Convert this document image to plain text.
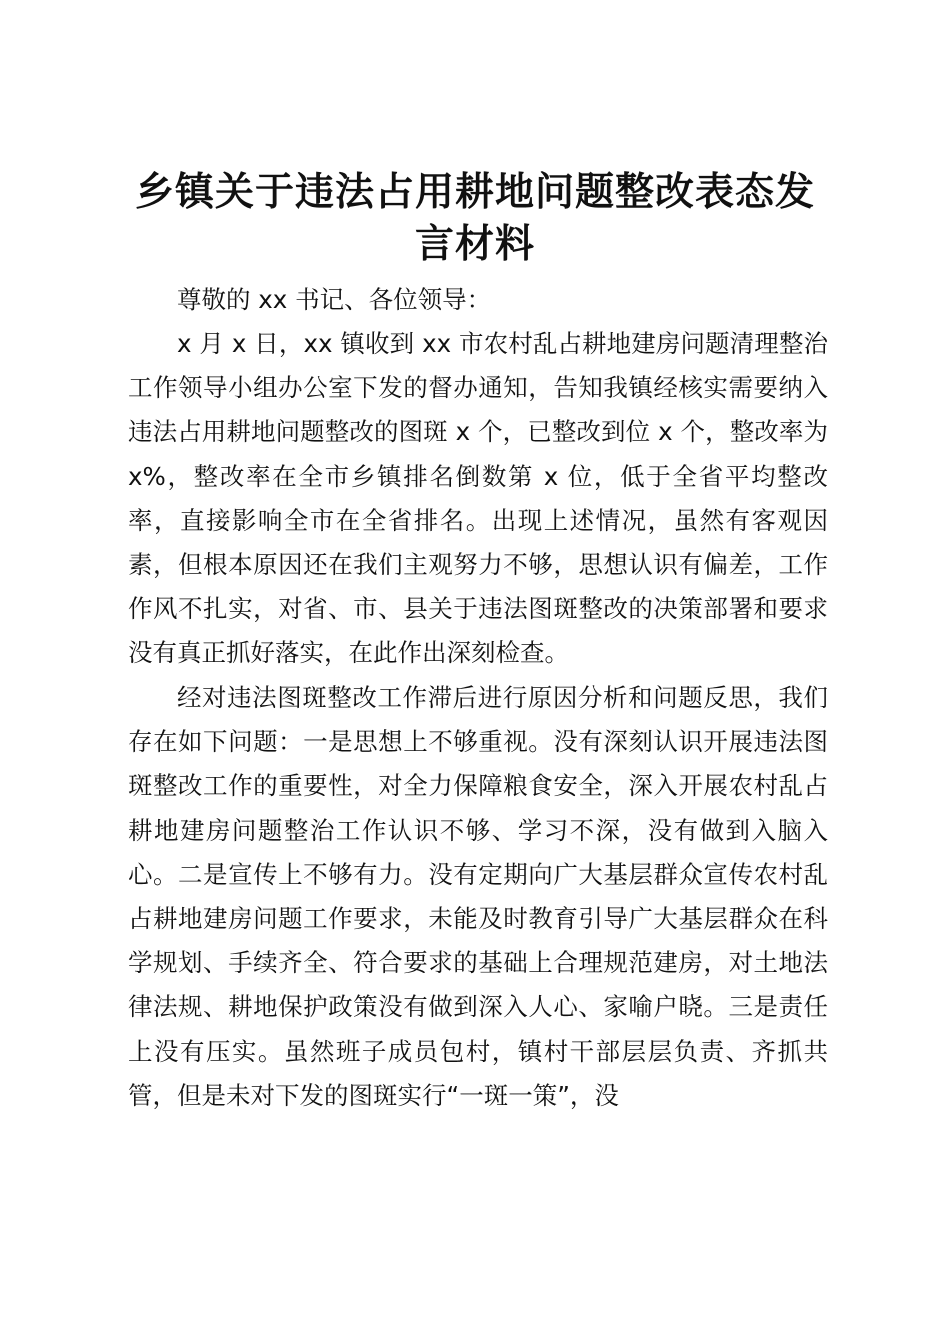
乡镇关于违法占用耕地问题整改表态发
言材料

尊敬的 xx 书记、各位领导：

x 月 x 日，xx 镇收到 xx 市农村乱占耕地建房问题清理整治工作领导小组办公室下发的督办通知，告知我镇经核实需要纳入违法占用耕地问题整改的图斑 x 个，已整改到位 x 个，整改率为 x%，整改率在全市乡镇排名倒数第 x 位，低于全省平均整改率，直接影响全市在全省排名。出现上述情况，虽然有客观因素，但根本原因还在我们主观努力不够，思想认识有偏差，工作作风不扎实，对省、市、县关于违法图斑整改的决策部署和要求没有真正抓好落实，在此作出深刻检查。

经对违法图斑整改工作滞后进行原因分析和问题反思，我们存在如下问题：一是思想上不够重视。没有深刻认识开展违法图斑整改工作的重要性，对全力保障粮食安全，深入开展农村乱占耕地建房问题整治工作认识不够、学习不深，没有做到入脑入心。二是宣传上不够有力。没有定期向广大基层群众宣传农村乱占耕地建房问题工作要求，未能及时教育引导广大基层群众在科学规划、手续齐全、符合要求的基础上合理规范建房，对土地法律法规、耕地保护政策没有做到深入人心、家喻户晓。三是责任上没有压实。虽然班子成员包村，镇村干部层层负责、齐抓共管，但是未对下发的图斑实行“一斑一策”，没
